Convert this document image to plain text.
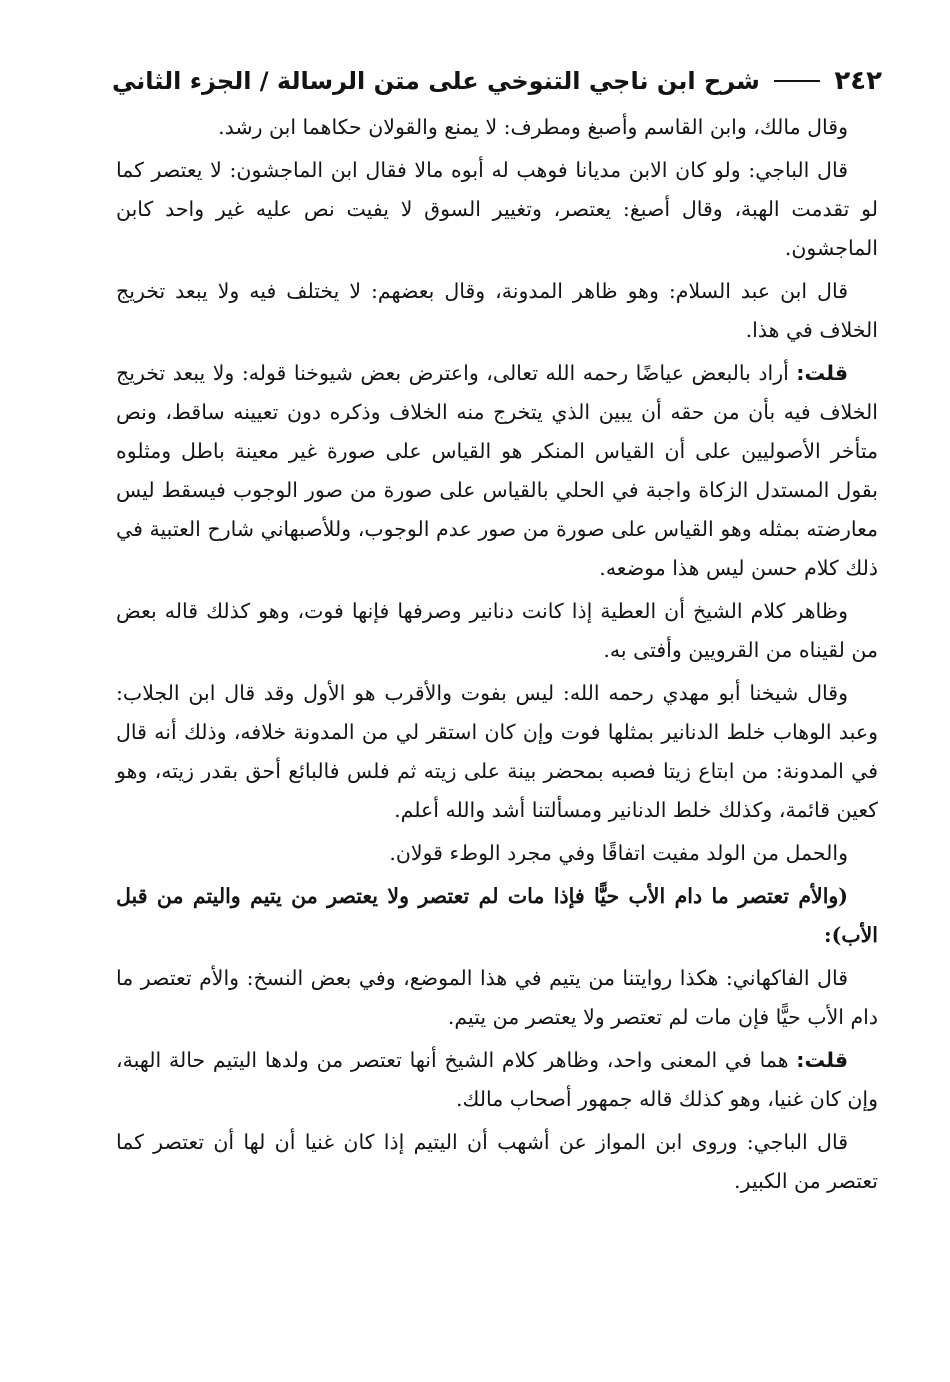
٢٤٢
شرح ابن ناجي التنوخي على متن الرسالة / الجزء الثاني

وقال مالك، وابن القاسم وأصبغ ومطرف: لا يمنع والقولان حكاهما ابن رشد.

قال الباجي: ولو كان الابن مديانا فوهب له أبوه مالا فقال ابن الماجشون: لا يعتصر كما لو تقدمت الهبة، وقال أصبغ: يعتصر، وتغيير السوق لا يفيت نص عليه غير واحد كابن الماجشون.

قال ابن عبد السلام: وهو ظاهر المدونة، وقال بعضهم: لا يختلف فيه ولا يبعد تخريج الخلاف في هذا.

قلت: أراد بالبعض عياضًا رحمه الله تعالى، واعترض بعض شيوخنا قوله: ولا يبعد تخريج الخلاف فيه بأن من حقه أن يبين الذي يتخرج منه الخلاف وذكره دون تعيينه ساقط، ونص متأخر الأصوليين على أن القياس المنكر هو القياس على صورة غير معينة باطل ومثلوه بقول المستدل الزكاة واجبة في الحلي بالقياس على صورة من صور الوجوب فيسقط ليس معارضته بمثله وهو القياس على صورة من صور عدم الوجوب، وللأصبهاني شارح العتبية في ذلك كلام حسن ليس هذا موضعه.

وظاهر كلام الشيخ أن العطية إذا كانت دنانير وصرفها فإنها فوت، وهو كذلك قاله بعض من لقيناه من القرويين وأفتى به.

وقال شيخنا أبو مهدي رحمه الله: ليس بفوت والأقرب هو الأول وقد قال ابن الجلاب: وعبد الوهاب خلط الدنانير بمثلها فوت وإن كان استقر لي من المدونة خلافه، وذلك أنه قال في المدونة: من ابتاع زيتا فصبه بمحضر بينة على زيته ثم فلس فالبائع أحق بقدر زيته، وهو كعين قائمة، وكذلك خلط الدنانير ومسألتنا أشد والله أعلم.

والحمل من الولد مفيت اتفاقًا وفي مجرد الوطء قولان.

(والأم تعتصر ما دام الأب حيًّا فإذا مات لم تعتصر ولا يعتصر من يتيم واليتم من قبل الأب):

قال الفاكهاني: هكذا روايتنا من يتيم في هذا الموضع، وفي بعض النسخ: والأم تعتصر ما دام الأب حيًّا فإن مات لم تعتصر ولا يعتصر من يتيم.

قلت: هما في المعنى واحد، وظاهر كلام الشيخ أنها تعتصر من ولدها اليتيم حالة الهبة، وإن كان غنيا، وهو كذلك قاله جمهور أصحاب مالك.

قال الباجي: وروى ابن المواز عن أشهب أن اليتيم إذا كان غنيا أن لها أن تعتصر كما تعتصر من الكبير.
